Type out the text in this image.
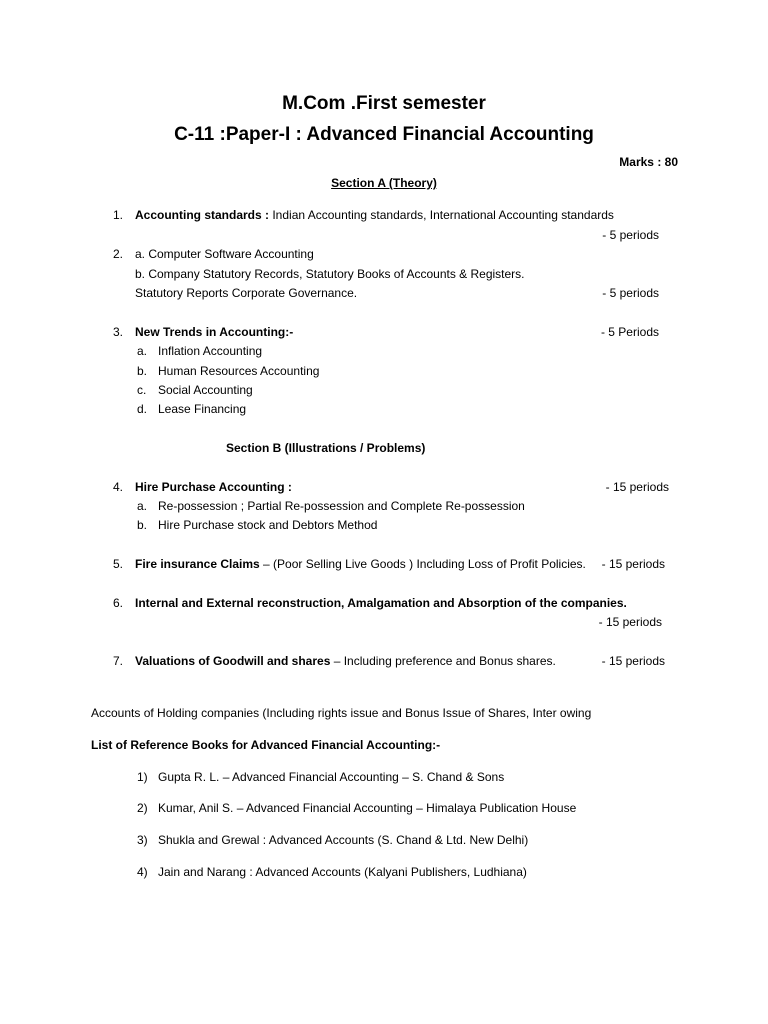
M.Com .First semester
C-11 :Paper-I : Advanced Financial Accounting
Marks : 80
Section A (Theory)
1. Accounting standards : Indian Accounting standards, International Accounting standards
- 5 periods
2. a. Computer Software Accounting
b. Company Statutory Records, Statutory Books of Accounts & Registers.
Statutory Reports Corporate Governance.	- 5 periods
3. New Trends in Accounting:-	- 5 Periods
a. Inflation Accounting
b. Human Resources Accounting
c. Social Accounting
d. Lease Financing
Section B (Illustrations / Problems)
4. Hire Purchase Accounting :	- 15 periods
a. Re-possession ; Partial Re-possession and Complete Re-possession
b. Hire Purchase stock and Debtors Method
5. Fire insurance Claims – (Poor Selling Live Goods ) Including Loss of Profit Policies. - 15 periods
6. Internal and External reconstruction, Amalgamation and Absorption of the companies.
- 15 periods
7. Valuations of Goodwill and shares – Including preference and Bonus shares.	- 15 periods
Accounts of Holding companies (Including rights issue and Bonus Issue of Shares, Inter owing
List of Reference Books for Advanced Financial Accounting:-
1) Gupta R. L. – Advanced Financial Accounting – S. Chand & Sons
2) Kumar, Anil S. – Advanced Financial Accounting – Himalaya Publication House
3) Shukla and Grewal : Advanced Accounts (S. Chand & Ltd. New Delhi)
4) Jain and Narang : Advanced Accounts (Kalyani Publishers, Ludhiana)
